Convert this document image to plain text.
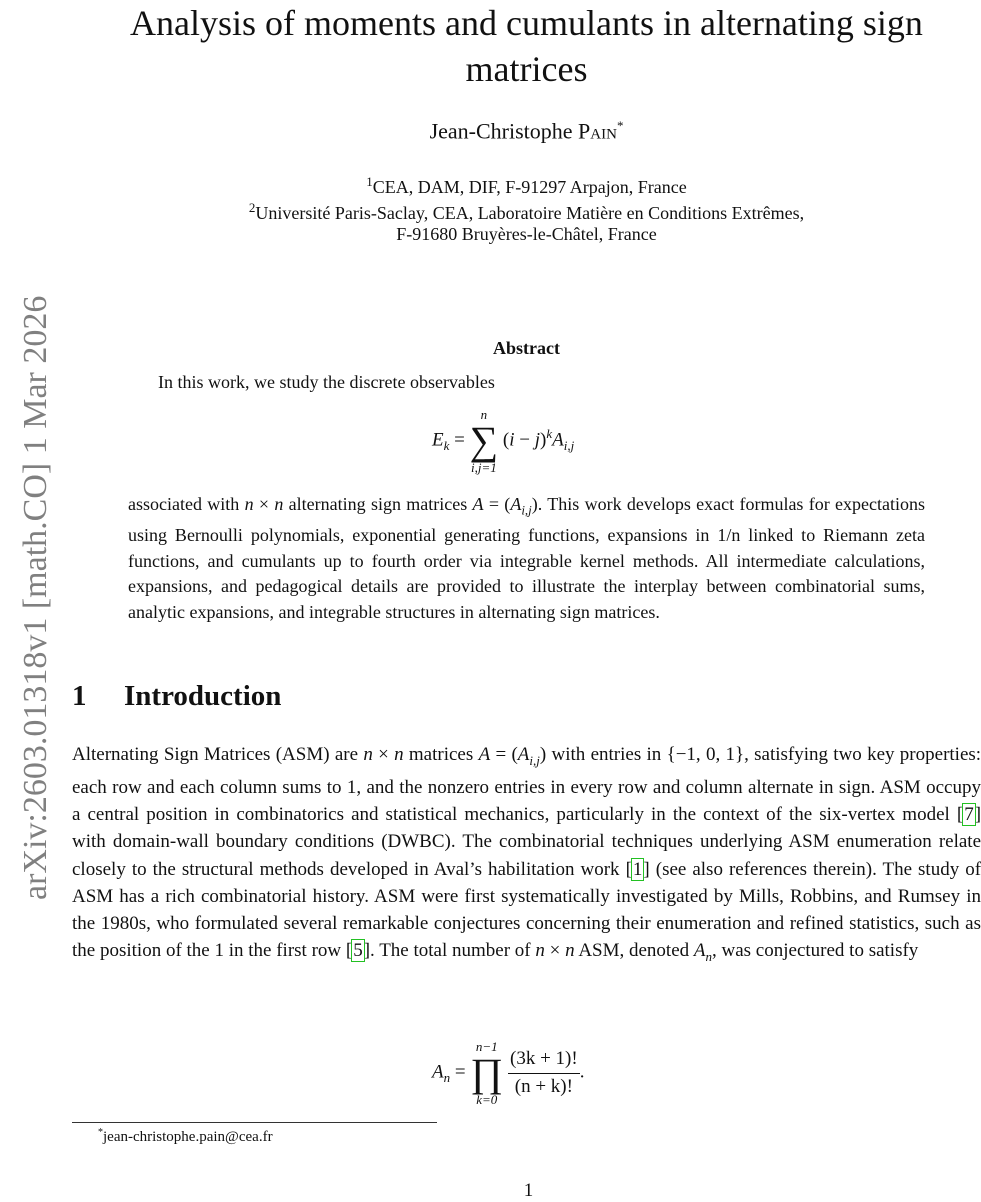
arXiv:2603.01318v1 [math.CO] 1 Mar 2026
Analysis of moments and cumulants in alternating sign
matrices
Jean-Christophe Pain*
$^1$CEA, DAM, DIF, F-91297 Arpajon, France
$^2$Université Paris-Saclay, CEA, Laboratoire Matière en Conditions Extrêmes,
F-91680 Bruyères-le-Châtel, France
Abstract

In this work, we study the discrete observables

$E_k$ =
n
∑
i,j=1
$(i - j)^kA_{i,j}$

associated with n × n alternating sign matrices $A = (A_{i,j})$. This work develops exact formulas for expectations using Bernoulli polynomials, exponential generating functions, expansions in 1/n linked to Riemann zeta functions, and cumulants up to fourth order via integrable kernel methods. All intermediate calculations, expansions, and pedagogical details are provided to illustrate the interplay between combinatorial sums, analytic expansions, and integrable structures in alternating sign matrices.

1 Introduction

Alternating Sign Matrices (ASM) are n × n matrices $A = (A_{i,j})$ with entries in {−1, 0, 1}, satisfying two key properties: each row and each column sums to 1, and the nonzero entries in every row and column alternate in sign. ASM occupy a central position in combinatorics and statistical mechanics, particularly in the context of the six-vertex model [7] with domain-wall boundary conditions (DWBC). The combinatorial techniques underlying ASM enumeration relate closely to the structural methods developed in Aval’s habilitation work [1] (see also references therein). The study of ASM has a rich combinatorial history. ASM were first systematically investigated by Mills, Robbins, and Rumsey in the 1980s, who formulated several remarkable conjectures concerning their enumeration and refined statistics, such as the position of the 1 in the first row [5]. The total number of n × n ASM, denoted $A_n$, was conjectured to satisfy

$A_n$ =
n−1
∏
k=0

$\frac{(3k + 1)!}{(n + k)!}$ .
*jean-christophe.pain@cea.fr
1
